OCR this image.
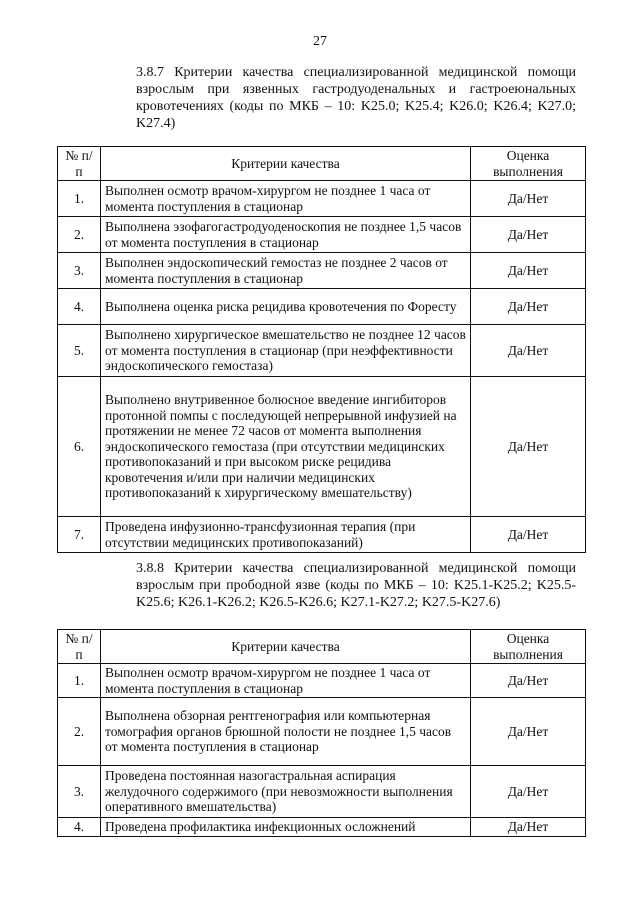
27

3.8.7 Критерии качества специализированной медицинской помощи взрослым при язвенных гастродуоденальных и гастроеюнальных кровотечениях (коды по МКБ – 10: K25.0; K25.4; K26.0; K26.4; K27.0; K27.4)

№ п/п	Критерии качества	Оценка выполнения
1.	Выполнен осмотр врачом-хирургом не позднее 1 часа от момента поступления в стационар	Да/Нет
2.	Выполнена эзофагогастродуоденоскопия не позднее 1,5 часов от момента поступления в стационар	Да/Нет
3.	Выполнен эндоскопический гемостаз не позднее 2 часов от момента поступления в стационар	Да/Нет
4.	Выполнена оценка риска рецидива кровотечения по Форесту	Да/Нет
5.	Выполнено хирургическое вмешательство не позднее 12 часов от момента поступления в стационар (при неэффективности эндоскопического гемостаза)	Да/Нет
6.	Выполнено внутривенное болюсное введение ингибиторов протонной помпы с последующей непрерывной инфузией на протяжении не менее 72 часов от момента выполнения эндоскопического гемостаза (при отсутствии медицинских противопоказаний и при высоком риске рецидива кровотечения и/или при наличии медицинских противопоказаний к хирургическому вмешательству)	Да/Нет
7.	Проведена инфузионно-трансфузионная терапия (при отсутствии медицинских противопоказаний)	Да/Нет

3.8.8 Критерии качества специализированной медицинской помощи взрослым при прободной язве (коды по МКБ – 10: K25.1-K25.2; K25.5-K25.6; K26.1-K26.2; K26.5-K26.6; K27.1-K27.2; K27.5-K27.6)

№ п/п	Критерии качества	Оценка выполнения
1.	Выполнен осмотр врачом-хирургом не позднее 1 часа от момента поступления в стационар	Да/Нет
2.	Выполнена обзорная рентгенография или компьютерная томография органов брюшной полости не позднее 1,5 часов от момента поступления в стационар	Да/Нет
3.	Проведена постоянная назогастральная аспирация желудочного содержимого (при невозможности выполнения оперативного вмешательства)	Да/Нет
4.	Проведена профилактика инфекционных осложнений	Да/Нет
